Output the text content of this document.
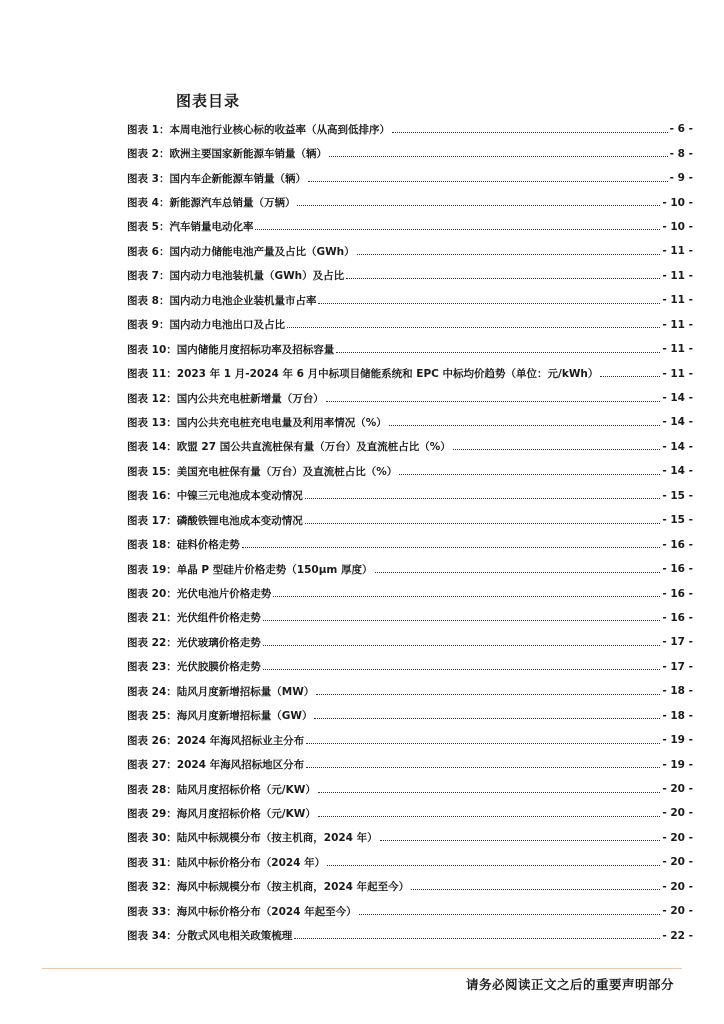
图表目录
图表 1：本周电池行业核心标的收益率（从高到低排序）	- 6 -
图表 2：欧洲主要国家新能源车销量（辆）	- 8 -
图表 3：国内车企新能源车销量（辆）	- 9 -
图表 4：新能源汽车总销量（万辆）	- 10 -
图表 5：汽车销量电动化率	- 10 -
图表 6：国内动力储能电池产量及占比（GWh）	- 11 -
图表 7：国内动力电池装机量（GWh）及占比	- 11 -
图表 8：国内动力电池企业装机量市占率	- 11 -
图表 9：国内动力电池出口及占比	- 11 -
图表 10：国内储能月度招标功率及招标容量	- 11 -
图表 11：2023 年 1 月-2024 年 6 月中标项目储能系统和 EPC 中标均价趋势（单位：元/kWh）	- 11 -
图表 12：国内公共充电桩新增量（万台）	- 14 -
图表 13：国内公共充电桩充电电量及利用率情况（%）	- 14 -
图表 14：欧盟 27 国公共直流桩保有量（万台）及直流桩占比（%）	- 14 -
图表 15：美国充电桩保有量（万台）及直流桩占比（%）	- 14 -
图表 16：中镍三元电池成本变动情况	- 15 -
图表 17：磷酸铁锂电池成本变动情况	- 15 -
图表 18：硅料价格走势	- 16 -
图表 19：单晶 P 型硅片价格走势（150μm 厚度）	- 16 -
图表 20：光伏电池片价格走势	- 16 -
图表 21：光伏组件价格走势	- 16 -
图表 22：光伏玻璃价格走势	- 17 -
图表 23：光伏胶膜价格走势	- 17 -
图表 24：陆风月度新增招标量（MW）	- 18 -
图表 25：海风月度新增招标量（GW）	- 18 -
图表 26：2024 年海风招标业主分布	- 19 -
图表 27：2024 年海风招标地区分布	- 19 -
图表 28：陆风月度招标价格（元/KW）	- 20 -
图表 29：海风月度招标价格（元/KW）	- 20 -
图表 30：陆风中标规模分布（按主机商，2024 年）	- 20 -
图表 31：陆风中标价格分布（2024 年）	- 20 -
图表 32：海风中标规模分布（按主机商，2024 年起至今）	- 20 -
图表 33：海风中标价格分布（2024 年起至今）	- 20 -
图表 34：分散式风电相关政策梳理	- 22 -
请务必阅读正文之后的重要声明部分
